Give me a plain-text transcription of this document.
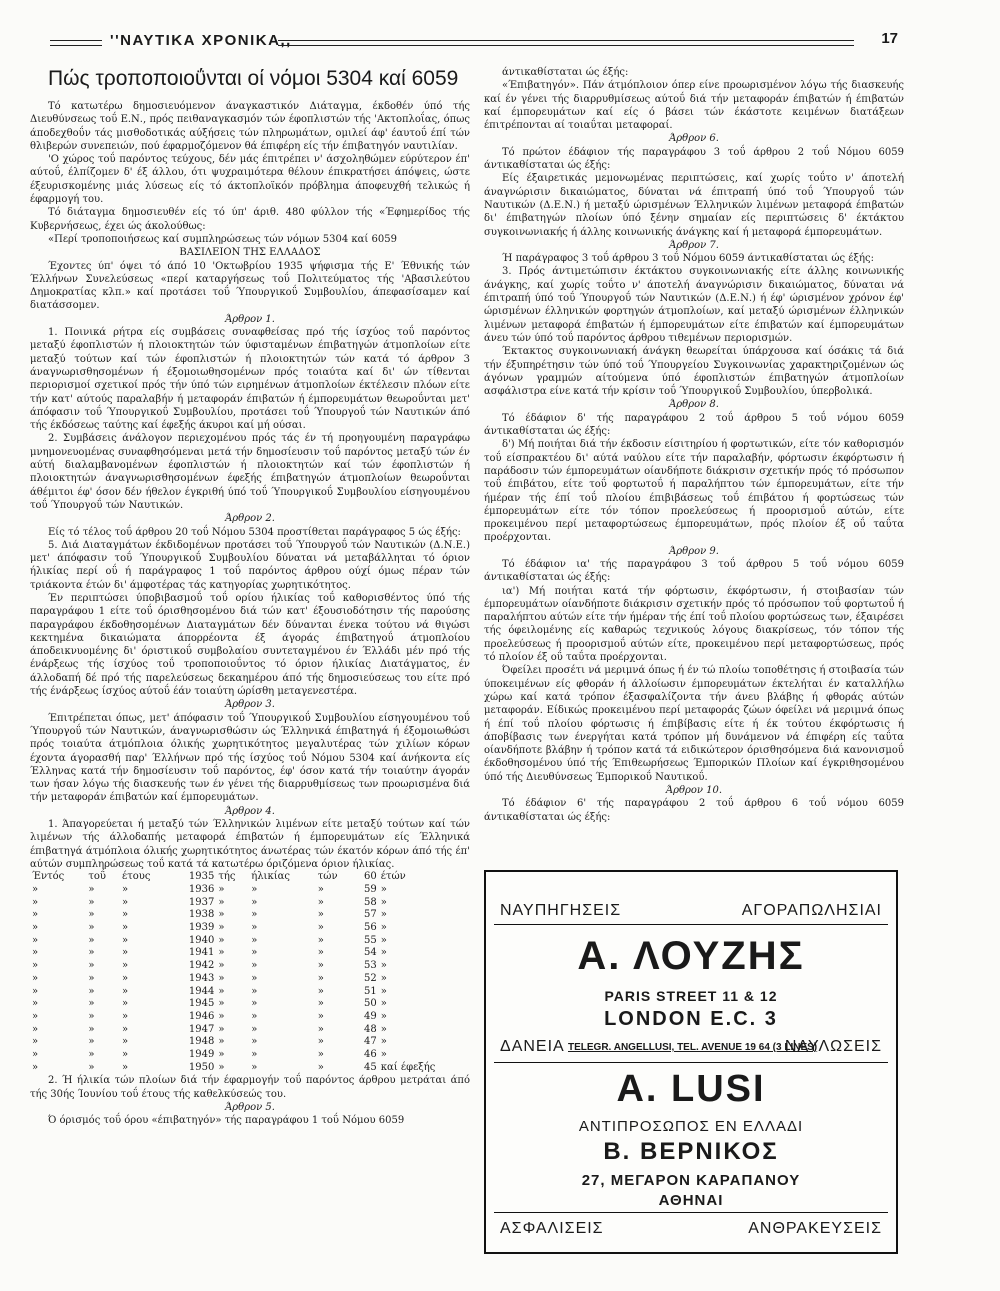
''ΝΑΥΤΙΚΑ ΧΡΟΝΙΚΑ,,	17
Πώς τροποποιοΰνται οί νόμοι 5304 καί 6059

Τό κατωτέρω δημοσιευόμενον άναγκαστικόν Διάταγμα, έκδοθέν ύπό τής Διευθύνσεως τοΰ Ε.Ν., πρός πειθαναγκασμόν τών έφοπλιστών τής 'Ακτοπλοΐας, όπως άποδεχθοΰν τάς μισθοδοτικάς αύξήσεις τών πληρωμάτων, ομιλεί άφ' έαυτοΰ έπί τών θλιβερών συνεπειών, πού έφαρμοζόμενον θά έπιφέρη είς τήν έπιβατηγόν ναυτιλίαν.

'Ο χώρος τοΰ παρόντος τεύχους, δέν μάς έπιτρέπει ν' άσχοληθώμεν εύρύτερον έπ' αύτοΰ, έλπίζομεν δ' έξ άλλου, ότι ψυχραιμότερα θέλουν έπικρατήσει άπόψεις, ώστε έξευρισκομένης μιάς λύσεως είς τό άκτοπλοϊκόν πρόβλημα άποφευχθή τελικώς ή έφαρμογή του.

Τό διάταγμα δημοσιευθέν είς τό ύπ' άριθ. 480 φύλλον τής «Έφημερίδος τής Κυβερνήσεως, έχει ώς άκολούθως:

«Περί τροποποιήσεως καί συμπληρώσεως τών νόμων 5304 καί 6059

ΒΑΣΙΛΕΙΟΝ ΤΗΣ ΕΛΛΑΔΟΣ

Έχοντες ύπ' όψει τό άπό 10 'Οκτωβρίου 1935 ψήφισμα τής Ε' Έθνικής τών Έλλήνων Συνελεύσεως «περί καταργήσεως τοΰ Πολιτεύματος τής 'Αβασιλεύτου Δημοκρατίας κλπ.» καί προτάσει τοΰ Ύπουργικοΰ Συμβουλίου, άπεφασίσαμεν καί διατάσσομεν.

Άρθρον 1.

1. Ποινικά ρήτρα είς συμβάσεις συναφθείσας πρό τής ίσχύος τοΰ παρόντος μεταξύ έφοπλιστών ή πλοιοκτητών τών ύφισταμένων έπιβατηγών άτμοπλοίων είτε μεταξύ τούτων καί τών έφοπλιστών ή πλοιοκτητών τών κατά τό άρθρον 3 άναγνωρισθησομένων ή έξομοιωθησομένων πρός τοιαύτα καί δι' ών τίθενται περιορισμοί σχετικοί πρός τήν ύπό τών ειρημένων άτμοπλοίων έκτέλεσιν πλόων είτε τήν κατ' αύτούς παραλαβήν ή μεταφοράν έπιβατών ή έμπορευμάτων θεωροΰνται μετ' άπόφασιν τοΰ Ύπουργικοΰ Συμβουλίου, προτάσει τοΰ Ύπουργοΰ τών Ναυτικών άπό τής έκδόσεως ταύτης καί έφεξής άκυροι καί μή ούσαι.

2. Συμβάσεις άνάλογον περιεχομένου πρός τάς έν τή προηγουμένη παραγράφω μνημονευομένας συναφθησόμεναι μετά τήν δημοσίευσιν τοΰ παρόντος μεταξύ τών έν αύτή διαλαμβανομένων έφοπλιστών ή πλοιοκτητών καί τών έφοπλιστών ή πλοιοκτητών άναγνωρισθησομένων έφεξής έπιβατηγών άτμοπλοίων θεωροΰνται άθέμιτοι έφ' όσον δέν ήθελον έγκριθή ύπό τοΰ Ύπουργικοΰ Συμβουλίου είσηγουμένου τοΰ Ύπουργοΰ τών Ναυτικών.

Άρθρον 2.

Είς τό τέλος τοΰ άρθρου 20 τοΰ Νόμου 5304 προστίθεται παράγραφος 5 ώς έξής:

5. Διά Διαταγμάτων έκδιδομένων προτάσει τοΰ Ύπουργοΰ τών Ναυτικών (Δ.Ν.Ε.) μετ' άπόφασιν τοΰ Ύπουργικοΰ Συμβουλίου δύναται νά μεταβάλληται τό όριον ήλικίας περί οΰ ή παράγραφος 1 τοΰ παρόντος άρθρου ούχί όμως πέραν τών τριάκοντα έτών δι' άμφοτέρας τάς κατηγορίας χωρητικότητος.

Έν περιπτώσει ύποβιβασμοΰ τοΰ ορίου ήλικίας τοΰ καθορισθέντος ύπό τής παραγράφου 1 είτε τοΰ όρισθησομένου διά τών κατ' έξουσιοδότησιν τής παρούσης παραγράφου έκδοθησομένων Διαταγμάτων δέν δύνανται ένεκα τούτου νά θιγώσι κεκτημένα δικαιώματα άπορρέοντα έξ άγοράς έπιβατηγοΰ άτμοπλοίου άποδεικνυομένης δι' όριστικοΰ συμβολαίου συντεταγμένου έν Έλλάδι μέν πρό τής ένάρξεως τής ίσχύος τοΰ τροποποιοΰντος τό όριον ήλικίας Διατάγματος, έν άλλοδαπή δέ πρό τής παρελεύσεως δεκαημέρου άπό τής δημοσιεύσεως του είτε πρό τής ένάρξεως ίσχύος αύτοΰ έάν τοιαύτη ώρίσθη μεταγενεστέρα.

Άρθρον 3.

Έπιτρέπεται όπως, μετ' άπόφασιν τοΰ Ύπουργικοΰ Συμβουλίου είσηγουμένου τοΰ Ύπουργοΰ τών Ναυτικών, άναγνωρισθώσιν ώς Έλληνικά έπιβατηγά ή έξομοιωθώσι πρός τοιαύτα άτμόπλοια όλικής χωρητικότητος μεγαλυτέρας τών χιλίων κόρων έχοντα άγορασθή παρ' Έλλήνων πρό τής ίσχύος τοΰ Νόμου 5304 καί άνήκοντα είς Έλληνας κατά τήν δημοσίευσιν τοΰ παρόντος, έφ' όσον κατά τήν τοιαύτην άγοράν των ήσαν λόγω τής διασκευής των έν γένει τής διαρρυθμίσεως των προωρισμένα διά τήν μεταφοράν έπιβατών καί έμπορευμάτων.

Άρθρον 4.

1. Άπαγορεύεται ή μεταξύ τών Έλληνικών λιμένων είτε μεταξύ τούτων καί τών λιμένων τής άλλοδαπής μεταφορά έπιβατών ή έμπορευμάτων είς Έλληνικά έπιβατηγά άτμόπλοια όλικής χωρητικότητος άνωτέρας τών έκατόν κόρων άπό τής έπ' αύτών συμπληρώσεως τοΰ κατά τά κατωτέρω όριζόμενα όριον ήλικίας.

Έντός	τοΰ	έτους	1935	τής	ήλικίας	τών	60	έτών
»	»	»	1936	»	»	»	59	»
»	»	»	1937	»	»	»	58	»
»	»	»	1938	»	»	»	57	»
»	»	»	1939	»	»	»	56	»
»	»	»	1940	»	»	»	55	»
»	»	»	1941	»	»	»	54	»
»	»	»	1942	»	»	»	53	»
»	»	»	1943	»	»	»	52	»
»	»	»	1944	»	»	»	51	»
»	»	»	1945	»	»	»	50	»
»	»	»	1946	»	»	»	49	»
»	»	»	1947	»	»	»	48	»
»	»	»	1948	»	»	»	47	»
»	»	»	1949	»	»	»	46	»
»	»	»	1950	»	»	»	45	καί έφεξής

2. Ή ήλικία τών πλοίων διά τήν έφαρμογήν τοΰ παρόντος άρθρου μετράται άπό τής 30ής Ίουνίου τοΰ έτους τής καθελκύσεώς του.

Άρθρον 5.

Ό όρισμός τοΰ όρου «έπιβατηγόν» τής παραγράφου 1 τοΰ Νόμου 6059

άντικαθίσταται ώς έξής:

«Έπιβατηγόν». Πάν άτμόπλοιον όπερ είνε προωρισμένον λόγω τής διασκευής καί έν γένει τής διαρρυθμίσεως αύτοΰ διά τήν μεταφοράν έπιβατών ή έπιβατών καί έμπορευμάτων καί είς ό βάσει τών έκάστοτε κειμένων διατάξεων έπιτρέπονται αί τοιαΰται μεταφοραί.

Άρθρον 6.

Τό πρώτον έδάφιον τής παραγράφου 3 τοΰ άρθρου 2 τοΰ Νόμου 6059 άντικαθίσταται ώς έξής:

Είς έξαιρετικάς μεμονωμένας περιπτώσεις, καί χωρίς τοΰτο ν' άποτελή άναγνώρισιν δικαιώματος, δύναται νά έπιτραπή ύπό τοΰ Ύπουργοΰ τών Ναυτικών (Δ.Ε.Ν.) ή μεταξύ ώρισμένων Έλληνικών λιμένων μεταφορά έπιβατών δι' έπιβατηγών πλοίων ύπό ξένην σημαίαν είς περιπτώσεις δ' έκτάκτου συγκοινωνιακής ή άλλης κοινωνικής άνάγκης καί ή μεταφορά έμπορευμάτων.

Άρθρον 7.

Ή παράγραφος 3 τοΰ άρθρου 3 τοΰ Νόμου 6059 άντικαθίσταται ώς έξής:

3. Πρός άντιμετώπισιν έκτάκτου συγκοινωνιακής είτε άλλης κοινωνικής άνάγκης, καί χωρίς τοΰτο ν' άποτελή άναγνώρισιν δικαιώματος, δύναται νά έπιτραπή ύπό τοΰ Ύπουργοΰ τών Ναυτικών (Δ.Ε.Ν.) ή έφ' ώρισμένον χρόνον έφ' ώρισμένων έλληνικών φορτηγών άτμοπλοίων, καί μεταξύ ώρισμένων έλληνικών λιμένων μεταφορά έπιβατών ή έμπορευμάτων είτε έπιβατών καί έμπορευμάτων άνευ τών ύπό τοΰ παρόντος άρθρου τιθεμένων περιορισμών.

Έκτακτος συγκοινωνιακή άνάγκη θεωρείται ύπάρχουσα καί όσάκις τά διά τήν έξυπηρέτησιν τών ύπό τοΰ Ύπουργείου Συγκοινωνίας χαρακτηριζομένων ώς άγόνων γραμμών αίτούμενα ύπό έφοπλιστών έπιβατηγών άτμοπλοίων ασφάλιστρα είνε κατά τήν κρίσιν τοΰ Ύπουργικοΰ Συμβουλίου, ύπερβολικά.

Άρθρον 8.

Τό έδάφιον δ' τής παραγράφου 2 τοΰ άρθρου 5 τοΰ νόμου 6059 άντικαθίσταται ώς έξής:

δ') Μή ποιήται διά τήν έκδοσιν είσιτηρίου ή φορτωτικών, είτε τόν καθορισμόν τοΰ είσπρακτέου δι' αύτά ναύλου είτε τήν παραλαβήν, φόρτωσιν έκφόρτωσιν ή παράδοσιν τών έμπορευμάτων οίανδήποτε διάκρισιν σχετικήν πρός τό πρόσωπον τοΰ έπιβάτου, είτε τοΰ φορτωτοΰ ή παραλήπτου τών έμπορευμάτων, είτε τήν ήμέραν τής έπί τοΰ πλοίου έπιβιβάσεως τοΰ έπιβάτου ή φορτώσεως τών έμπορευμάτων είτε τόν τόπον προελεύσεως ή προορισμοΰ αύτών, είτε προκειμένου περί μεταφορτώσεως έμπορευμάτων, πρός πλοίον έξ οΰ ταΰτα προέρχονται.

Άρθρον 9.

Τό έδάφιον ια' τής παραγράφου 3 τοΰ άρθρου 5 τοΰ νόμου 6059 άντικαθίσταται ώς έξής:

ια') Μή ποιήται κατά τήν φόρτωσιν, έκφόρτωσιν, ή στοιβασίαν τών έμπορευμάτων οίανδήποτε διάκρισιν σχετικήν πρός τό πρόσωπον τοΰ φορτωτοΰ ή παραλήπτου αύτών είτε τήν ήμέραν τής έπί τοΰ πλοίου φορτώσεως των, έξαιρέσει τής όφειλομένης είς καθαρώς τεχνικούς λόγους διακρίσεως, τόν τόπον τής προελεύσεως ή προορισμοΰ αύτών είτε, προκειμένου περί μεταφορτώσεως, πρός τό πλοίον έξ οΰ ταΰτα προέρχονται.

Όφείλει προσέτι νά μεριμνά όπως ή έν τώ πλοίω τοποθέτησις ή στοιβασία τών ύποκειμένων είς φθοράν ή άλλοίωσιν έμπορευμάτων έκτελήται έν καταλλήλω χώρω καί κατά τρόπον έξασφαλίζοντα τήν άνευ βλάβης ή φθοράς αύτών μεταφοράν. Είδικώς προκειμένου περί μεταφοράς ζώων όφείλει νά μεριμνά όπως ή έπί τοΰ πλοίου φόρτωσις ή έπιβίβασις είτε ή έκ τούτου έκφόρτωσις ή άποβίβασις των ένεργήται κατά τρόπον μή δυνάμενον νά έπιφέρη είς ταΰτα οίανδήποτε βλάβην ή τρόπον κατά τά ειδικώτερον όρισθησόμενα διά κανονισμοΰ έκδοθησομένου ύπό τής Έπιθεωρήσεως Έμπορικών Πλοίων καί έγκριθησομένου ύπό τής Διευθύνσεως Έμπορικοΰ Ναυτικοΰ.

Άρθρον 10.

Τό έδάφιον 6' τής παραγράφου 2 τοΰ άρθρου 6 τοΰ νόμου 6059 άντικαθίσταται ώς έξής:

ΝΑΥΠΗΓΗΣΕΙΣ	ΑΓΟΡΑΠΩΛΗΣΙΑΙ
Α. ΛΟΥΖΗΣ
PARIS STREET 11 & 12
LONDON E.C. 3
ΔΑΝΕΙΑ TELEGR. ANGELLUSI, TEL. AVENUE 19 64 (3 LINES)
ΝΑΥΛΩΣΕΙΣ
A. LUSI
ΑΝΤΙΠΡΟΣΩΠΟΣ ΕΝ ΕΛΛΑΔΙ
Β. ΒΕΡΝΙΚΟΣ
27, ΜΕΓΑΡΟΝ ΚΑΡΑΠΑΝΟΥ
ΑΘΗΝΑΙ
ΑΣΦΑΛΙΣΕΙΣ	ΑΝΘΡΑΚΕΥΣΕΙΣ
